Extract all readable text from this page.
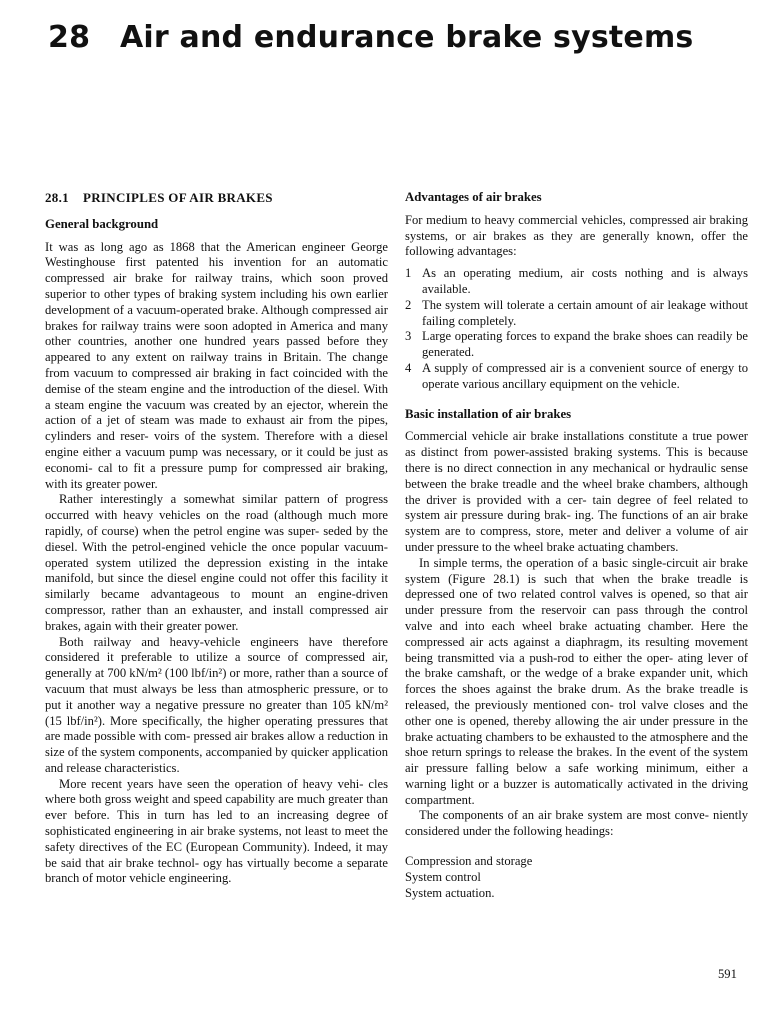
28 Air and endurance brake systems
28.1 PRINCIPLES OF AIR BRAKES
General background

It was as long ago as 1868 that the American engineer George Westinghouse first patented his invention for an automatic compressed air brake for railway trains, which soon proved superior to other types of braking system including his own earlier development of a vacuum-operated brake. Although compressed air brakes for railway trains were soon adopted in America and many other countries, another one hundred years passed before they appeared to any extent on railway trains in Britain. The change from vacuum to compressed air braking in fact coincided with the demise of the steam engine and the introduction of the diesel. With a steam engine the vacuum was created by an ejector, wherein the action of a jet of steam was made to exhaust air from the pipes, cylinders and reser- voirs of the system. Therefore with a diesel engine either a vacuum pump was necessary, or it could be just as economi- cal to fit a pressure pump for compressed air braking, with its greater power.

Rather interestingly a somewhat similar pattern of progress occurred with heavy vehicles on the road (although much more rapidly, of course) when the petrol engine was super- seded by the diesel. With the petrol-engined vehicle the once popular vacuum-operated system utilized the depression existing in the intake manifold, but since the diesel engine could not offer this facility it similarly became advantageous to mount an engine-driven compressor, rather than an exhauster, and install compressed air brakes, again with their greater power.

Both railway and heavy-vehicle engineers have therefore considered it preferable to utilize a source of compressed air, generally at 700 kN/m² (100 lbf/in²) or more, rather than a source of vacuum that must always be less than atmospheric pressure, or to put it another way a negative pressure no greater than 105 kN/m² (15 lbf/in²). More specifically, the higher operating pressures that are made possible with com- pressed air brakes allow a reduction in size of the system components, accompanied by quicker application and release characteristics.

More recent years have seen the operation of heavy vehi- cles where both gross weight and speed capability are much greater than ever before. This in turn has led to an increasing degree of sophisticated engineering in air brake systems, not least to meet the safety directives of the EC (European Community). Indeed, it may be said that air brake technol- ogy has virtually become a separate branch of motor vehicle engineering.

Advantages of air brakes

For medium to heavy commercial vehicles, compressed air braking systems, or air brakes as they are generally known, offer the following advantages:

1 As an operating medium, air costs nothing and is always available.
2 The system will tolerate a certain amount of air leakage without failing completely.
3 Large operating forces to expand the brake shoes can readily be generated.
4 A supply of compressed air is a convenient source of energy to operate various ancillary equipment on the vehicle.
Basic installation of air brakes

Commercial vehicle air brake installations constitute a true power as distinct from power-assisted braking systems. This is because there is no direct connection in any mechanical or hydraulic sense between the brake treadle and the wheel brake chambers, although the driver is provided with a cer- tain degree of feel related to system air pressure during brak- ing. The functions of an air brake system are to compress, store, meter and deliver a volume of air under pressure to the wheel brake actuating chambers.

In simple terms, the operation of a basic single-circuit air brake system (Figure 28.1) is such that when the brake treadle is depressed one of two related control valves is opened, so that air under pressure from the reservoir can pass through the control valve and into each wheel brake actuating chamber. Here the compressed air acts against a diaphragm, its resulting movement being transmitted via a push-rod to either the oper- ating lever of the brake camshaft, or the wedge of a brake expander unit, which forces the shoes against the brake drum. As the brake treadle is released, the previously mentioned con- trol valve closes and the other one is opened, thereby allowing the air under pressure in the brake actuating chambers to be exhausted to the atmosphere and the shoe return springs to release the brakes. In the event of the system air pressure falling below a safe working minimum, either a warning light or a buzzer is automatically activated in the driving compartment.

The components of an air brake system are most conve- niently considered under the following headings:

Compression and storage
System control
System actuation.
591
